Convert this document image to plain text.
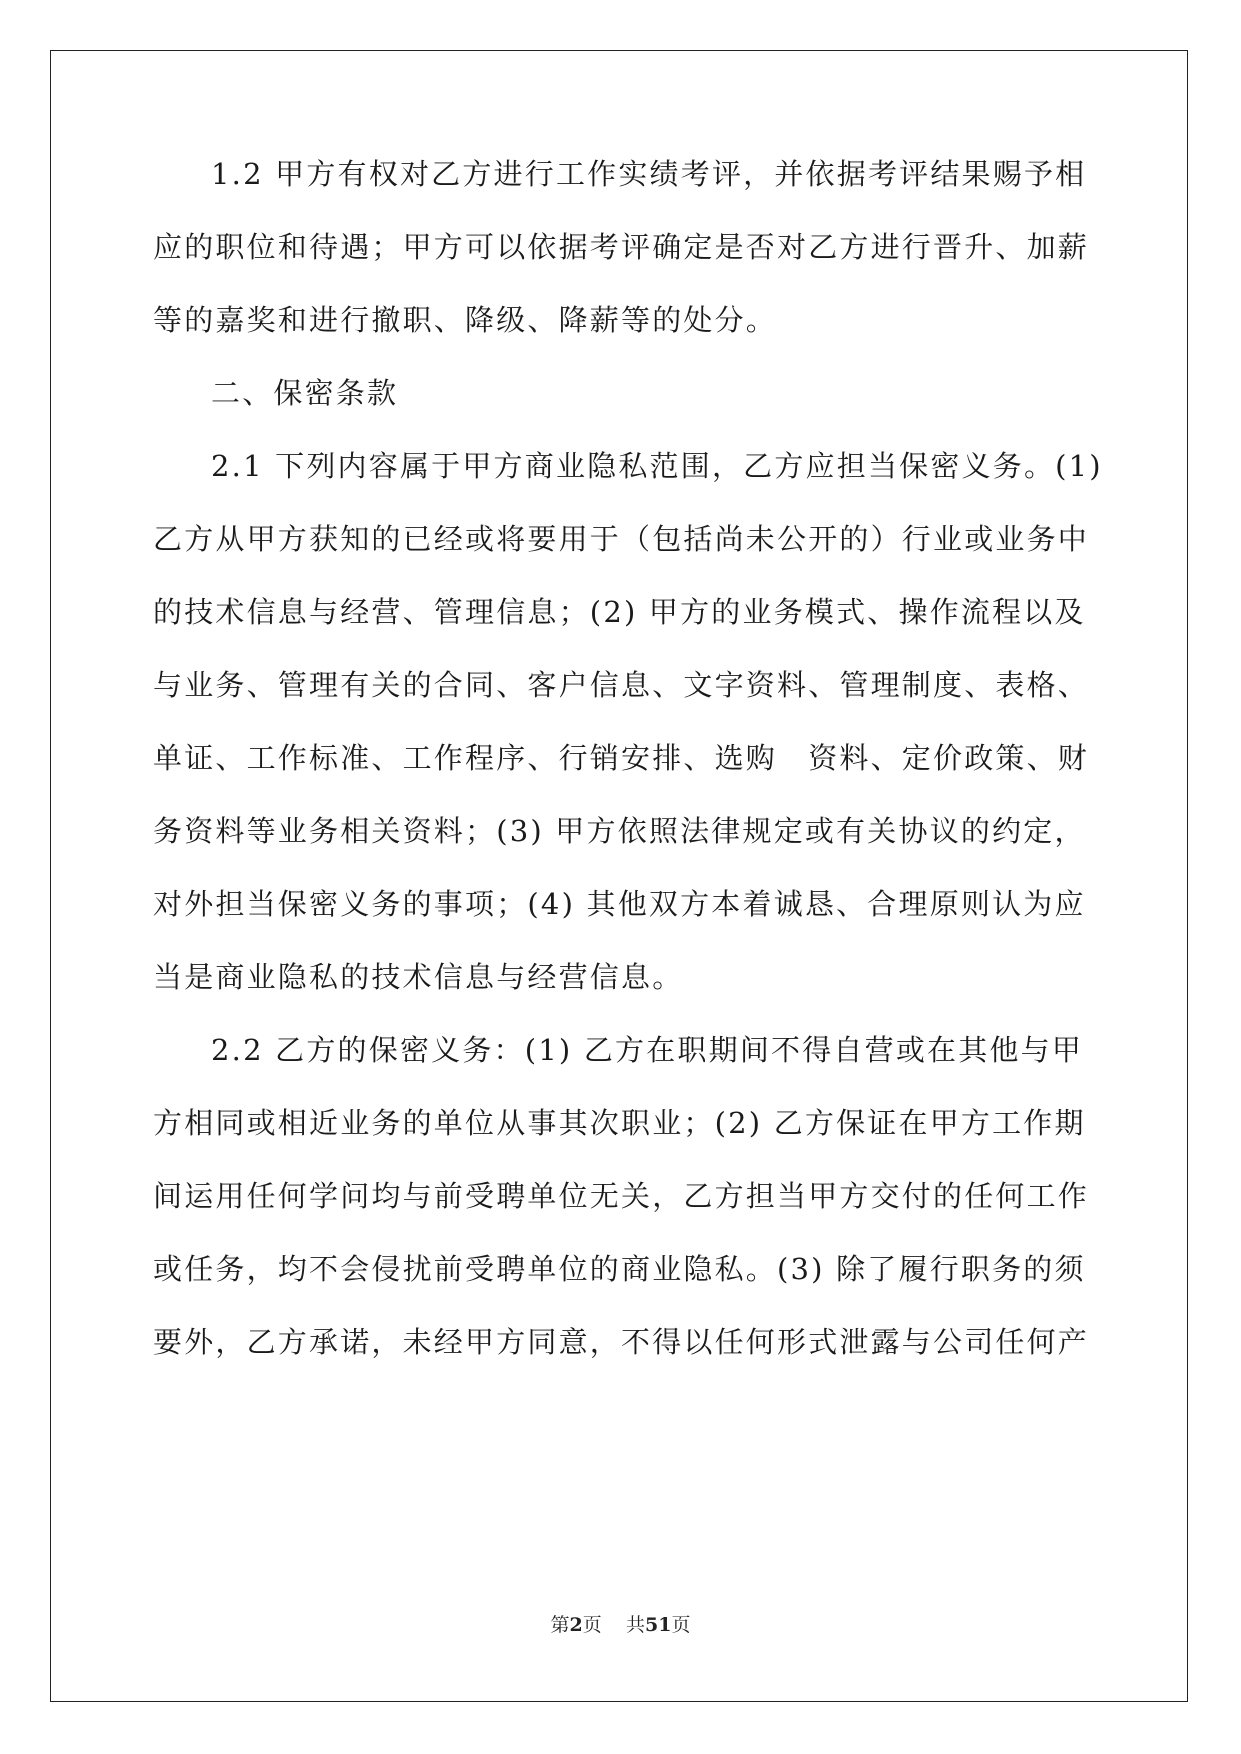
1.2 甲方有权对乙方进行工作实绩考评，并依据考评结果赐予相
应的职位和待遇；甲方可以依据考评确定是否对乙方进行晋升、加薪
等的嘉奖和进行撤职、降级、降薪等的处分。
二、保密条款
2.1 下列内容属于甲方商业隐私范围，乙方应担当保密义务。(1)
乙方从甲方获知的已经或将要用于（包括尚未公开的）行业或业务中
的技术信息与经营、管理信息；(2) 甲方的业务模式、操作流程以及
与业务、管理有关的合同、客户信息、文字资料、管理制度、表格、
单证、工作标准、工作程序、行销安排、选购　资料、定价政策、财
务资料等业务相关资料；(3) 甲方依照法律规定或有关协议的约定，
对外担当保密义务的事项；(4) 其他双方本着诚恳、合理原则认为应
当是商业隐私的技术信息与经营信息。
2.2 乙方的保密义务：(1) 乙方在职期间不得自营或在其他与甲
方相同或相近业务的单位从事其次职业；(2) 乙方保证在甲方工作期
间运用任何学问均与前受聘单位无关，乙方担当甲方交付的任何工作
或任务，均不会侵扰前受聘单位的商业隐私。(3) 除了履行职务的须
要外，乙方承诺，未经甲方同意，不得以任何形式泄露与公司任何产
第2页 共51页
